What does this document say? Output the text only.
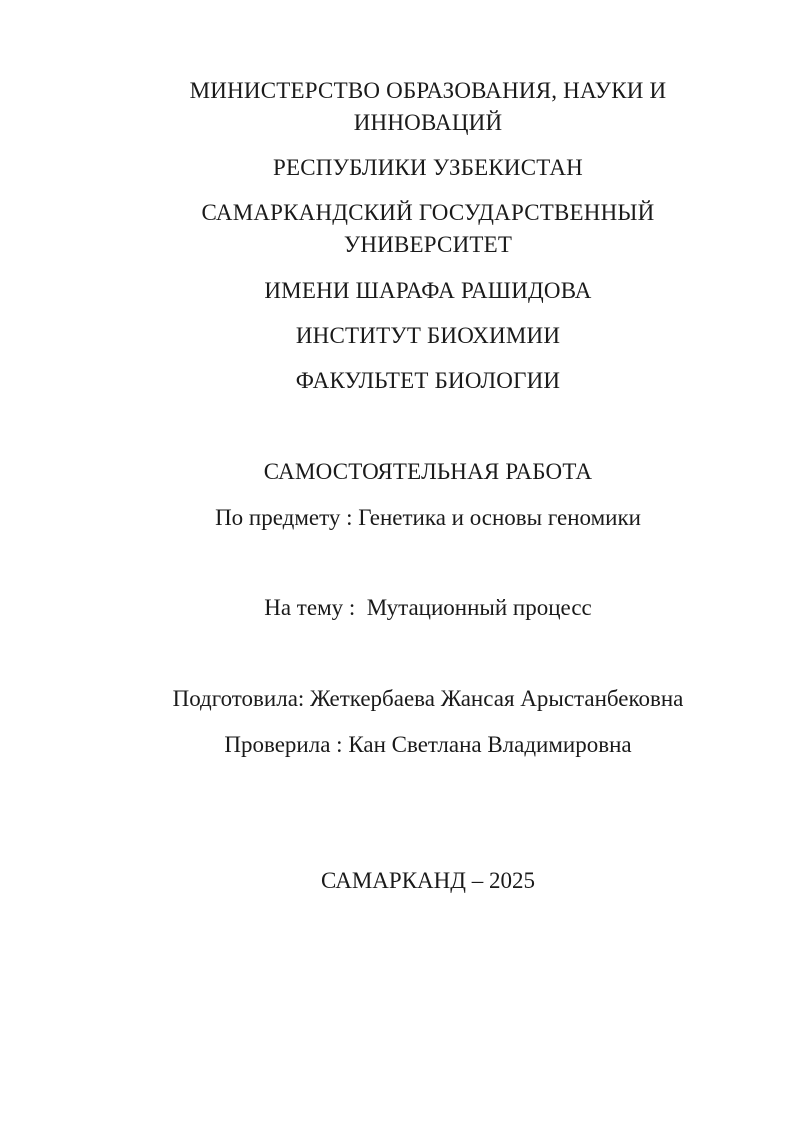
МИНИСТЕРСТВО ОБРАЗОВАНИЯ, НАУКИ И
ИННОВАЦИЙ
РЕСПУБЛИКИ УЗБЕКИСТАН
САМАРКАНДСКИЙ ГОСУДАРСТВЕННЫЙ
УНИВЕРСИТЕТ
ИМЕНИ ШАРАФА РАШИДОВА
ИНСТИТУТ БИОХИМИИ
ФАКУЛЬТЕТ БИОЛОГИИ
САМОСТОЯТЕЛЬНАЯ РАБОТА
По предмету : Генетика и основы геномики
На тему :  Мутационный процесс
Подготовила: Жеткербаева Жансая Арыстанбековна
Проверила : Кан Светлана Владимировна
САМАРКАНД – 2025
